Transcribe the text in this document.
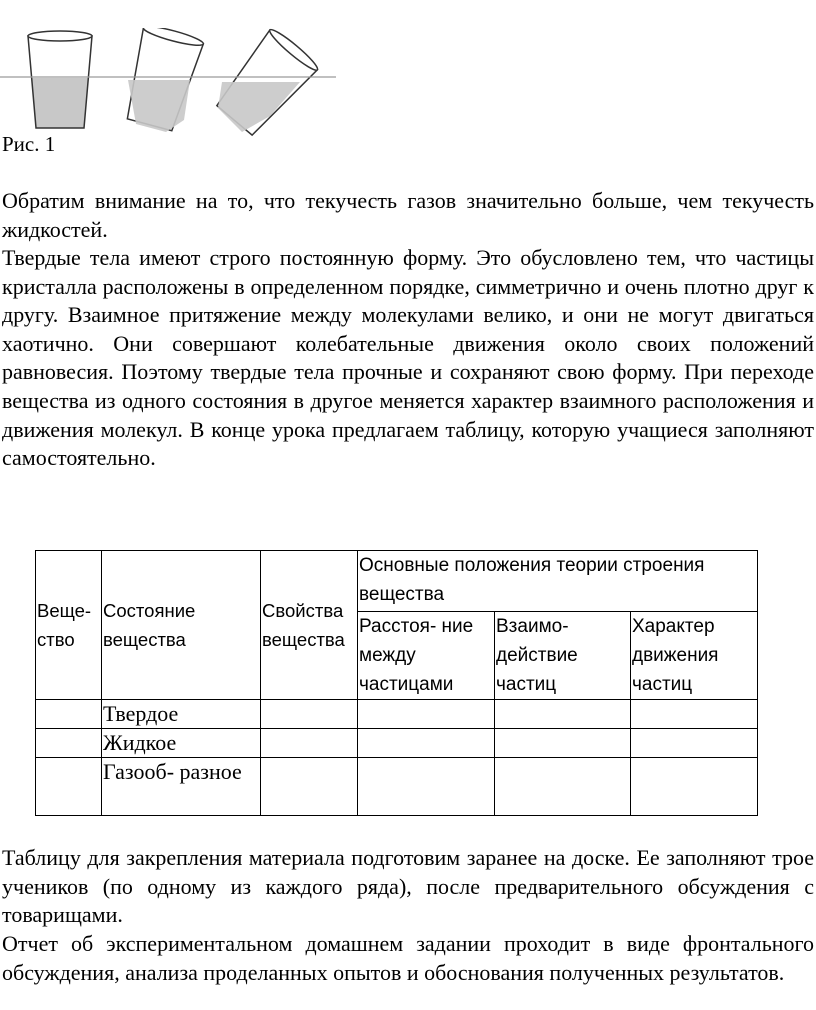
Рис. 1
Обратим внимание на то, что текучесть газов значительно больше, чем текучесть жидкостей.
Твердые тела имеют строго постоянную форму. Это обусловлено тем, что частицы кристалла расположены в определенном порядке, симметрично и очень плотно друг к другу. Взаимное притяжение между молекулами велико, и они не могут двигаться хаотично. Они совершают колебательные движения около своих положений равновесия. Поэтому твердые тела прочные и сохраняют свою форму. При переходе вещества из одного состояния в другое меняется характер взаимного расположения и движения молекул. В конце урока предлагаем таблицу, которую учащиеся заполняют самостоятельно.
Веще-ство	Состояние вещества	Свойства вещества	Основные положения теории строения вещества		
			Расстоя- ние между частицами	Взаимо- действие частиц	Характер движения частиц
	Твердое				
	Жидкое				
	Газооб- разное				
Таблицу для закрепления материала подготовим заранее на доске. Ее заполняют трое учеников (по одному из каждого ряда), после предварительного обсуждения с товарищами.
Отчет об экспериментальном домашнем задании проходит в виде фронтального обсуждения, анализа проделанных опытов и обоснования полученных результатов.
